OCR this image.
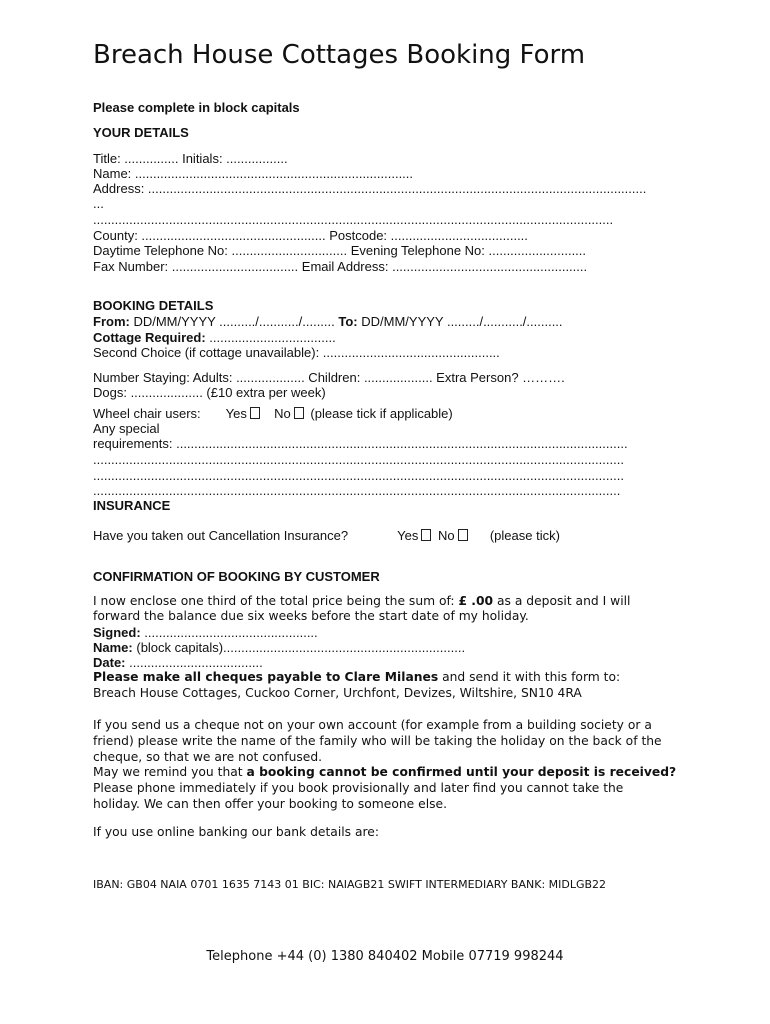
Breach House Cottages Booking Form
Please complete in block capitals
YOUR DETAILS
Title: ............... Initials: .................
Name: .............................................................................
Address: ..........................................................................................................................................
...
................................................................................................................................................
County: ................................................... Postcode: ......................................
Daytime Telephone No: ................................ Evening Telephone No: ...........................
Fax Number: ................................... Email Address: ......................................................
BOOKING DETAILS
From: DD/MM/YYYY ........../.........../......... To: DD/MM/YYYY ........./.........../..........
Cottage Required: ...................................
Second Choice (if cottage unavailable): .................................................
Number Staying: Adults: ................... Children: ................... Extra Person? ……….
Dogs: .................... (£10 extra per week)
Wheel chair users: Yes No (please tick if applicable)
Any special
requirements: .............................................................................................................................
...................................................................................................................................................
...................................................................................................................................................
..................................................................................................................................................
INSURANCE
Have you taken out Cancellation Insurance?	Yes No	(please tick)
CONFIRMATION OF BOOKING BY CUSTOMER
I now enclose one third of the total price being the sum of: £ .00 as a deposit and I will
forward the balance due six weeks before the start date of my holiday.
Signed: ................................................
Name: (block capitals)...................................................................
Date: .....................................
Please make all cheques payable to Clare Milanes and send it with this form to:
Breach House Cottages, Cuckoo Corner, Urchfont, Devizes, Wiltshire, SN10 4RA
If you send us a cheque not on your own account (for example from a building society or a
friend) please write the name of the family who will be taking the holiday on the back of the
cheque, so that we are not confused.
May we remind you that a booking cannot be confirmed until your deposit is received?
Please phone immediately if you book provisionally and later find you cannot take the
holiday. We can then offer your booking to someone else.
If you use online banking our bank details are:
IBAN: GB04 NAIA 0701 1635 7143 01 BIC: NAIAGB21 SWIFT INTERMEDIARY BANK: MIDLGB22
Telephone +44 (0) 1380 840402 Mobile 07719 998244
